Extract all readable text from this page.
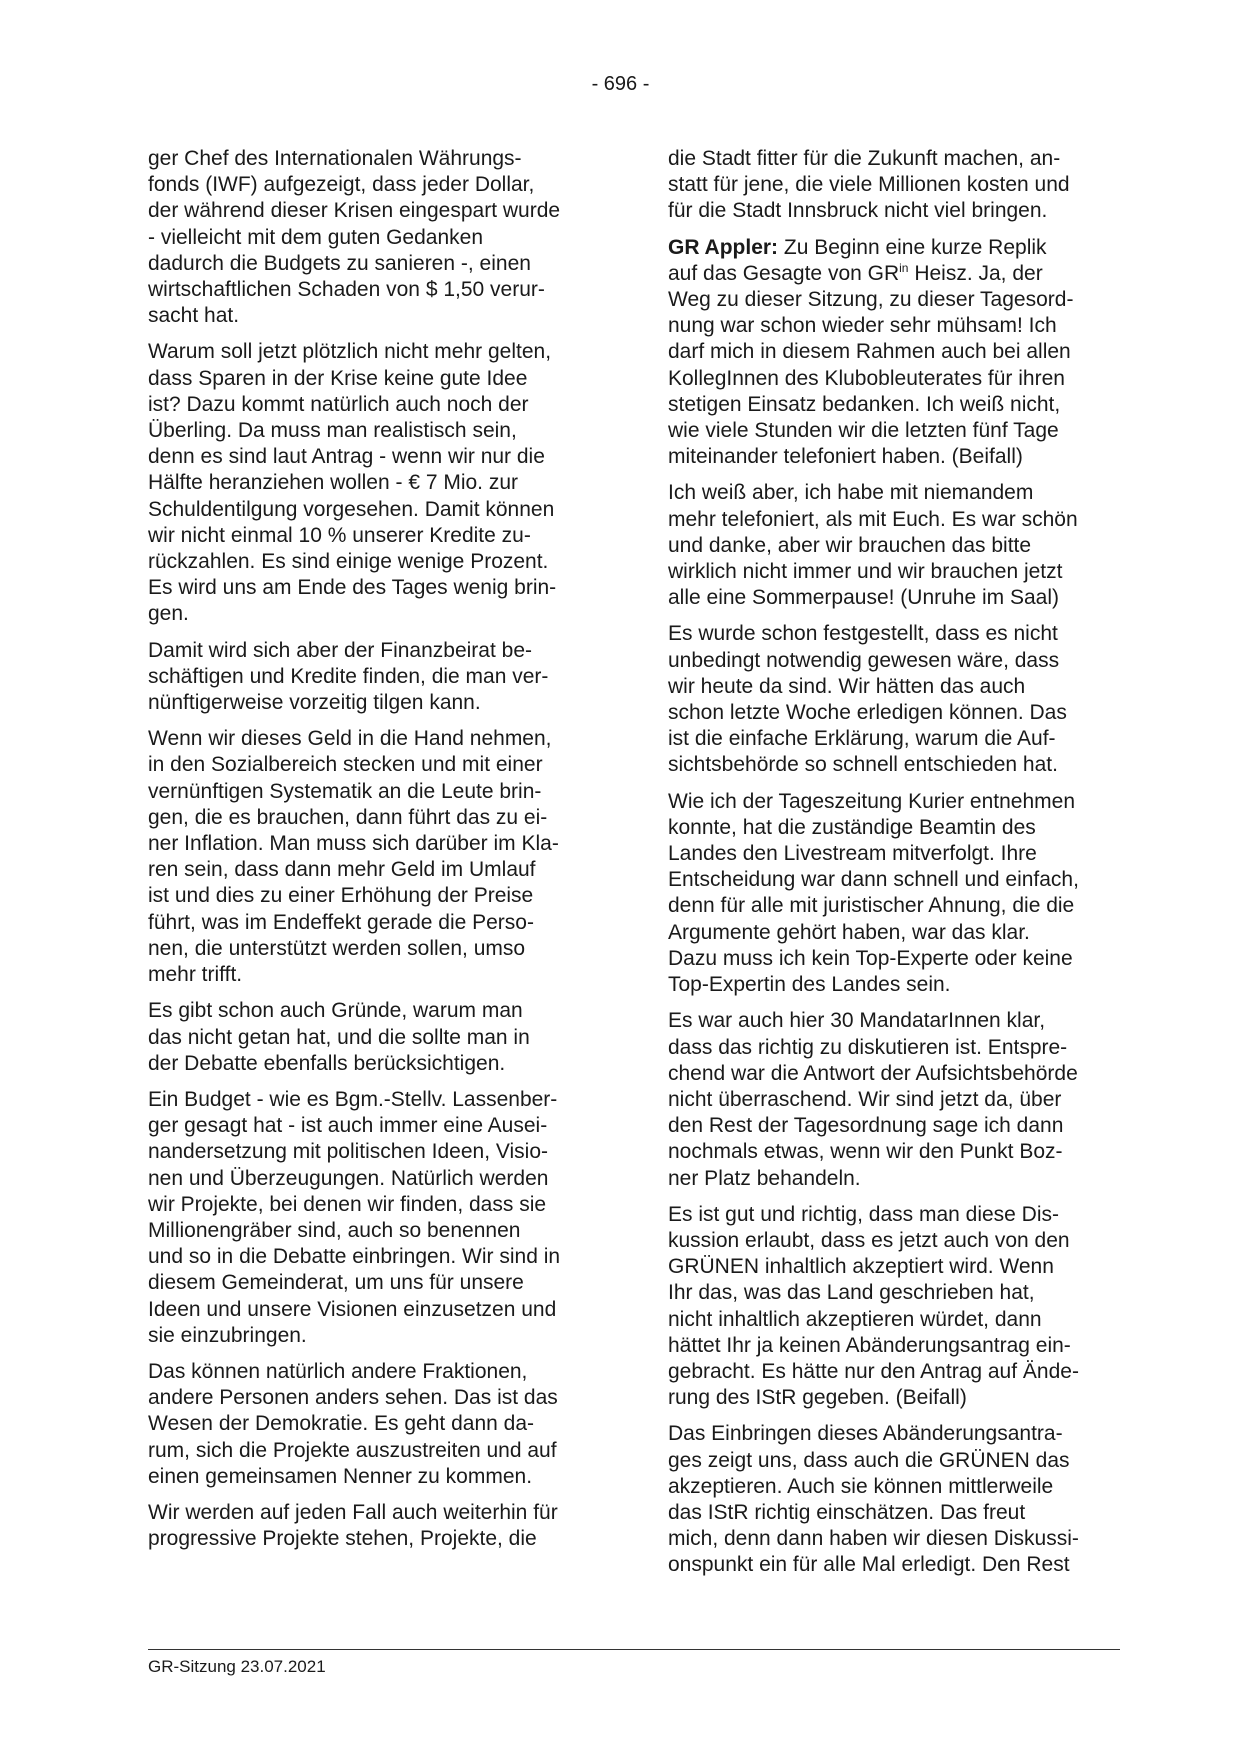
- 696 -

ger Chef des Internationalen Währungs-
fonds (IWF) aufgezeigt, dass jeder Dollar,
der während dieser Krisen eingespart wurde
- vielleicht mit dem guten Gedanken
dadurch die Budgets zu sanieren -, einen
wirtschaftlichen Schaden von $ 1,50 verur-
sacht hat.

Warum soll jetzt plötzlich nicht mehr gelten,
dass Sparen in der Krise keine gute Idee
ist? Dazu kommt natürlich auch noch der
Überling. Da muss man realistisch sein,
denn es sind laut Antrag - wenn wir nur die
Hälfte heranziehen wollen - € 7 Mio. zur
Schuldentilgung vorgesehen. Damit können
wir nicht einmal 10 % unserer Kredite zu-
rückzahlen. Es sind einige wenige Prozent.
Es wird uns am Ende des Tages wenig brin-
gen.

Damit wird sich aber der Finanzbeirat be-
schäftigen und Kredite finden, die man ver-
nünftigerweise vorzeitig tilgen kann.

Wenn wir dieses Geld in die Hand nehmen,
in den Sozialbereich stecken und mit einer
vernünftigen Systematik an die Leute brin-
gen, die es brauchen, dann führt das zu ei-
ner Inflation. Man muss sich darüber im Kla-
ren sein, dass dann mehr Geld im Umlauf
ist und dies zu einer Erhöhung der Preise
führt, was im Endeffekt gerade die Perso-
nen, die unterstützt werden sollen, umso
mehr trifft.

Es gibt schon auch Gründe, warum man
das nicht getan hat, und die sollte man in
der Debatte ebenfalls berücksichtigen.

Ein Budget - wie es Bgm.-Stellv. Lassenber-
ger gesagt hat - ist auch immer eine Ausei-
nandersetzung mit politischen Ideen, Visio-
nen und Überzeugungen. Natürlich werden
wir Projekte, bei denen wir finden, dass sie
Millionengräber sind, auch so benennen
und so in die Debatte einbringen. Wir sind in
diesem Gemeinderat, um uns für unsere
Ideen und unsere Visionen einzusetzen und
sie einzubringen.

Das können natürlich andere Fraktionen,
andere Personen anders sehen. Das ist das
Wesen der Demokratie. Es geht dann da-
rum, sich die Projekte auszustreiten und auf
einen gemeinsamen Nenner zu kommen.

Wir werden auf jeden Fall auch weiterhin für
progressive Projekte stehen, Projekte, die

die Stadt fitter für die Zukunft machen, an-
statt für jene, die viele Millionen kosten und
für die Stadt Innsbruck nicht viel bringen.

GR Appler: Zu Beginn eine kurze Replik
auf das Gesagte von $GR^{in}$ Heisz. Ja, der
Weg zu dieser Sitzung, zu dieser Tagesord-
nung war schon wieder sehr mühsam! Ich
darf mich in diesem Rahmen auch bei allen
KollegInnen des Klubobleuterates für ihren
stetigen Einsatz bedanken. Ich weiß nicht,
wie viele Stunden wir die letzten fünf Tage
miteinander telefoniert haben. (Beifall)

Ich weiß aber, ich habe mit niemandem
mehr telefoniert, als mit Euch. Es war schön
und danke, aber wir brauchen das bitte
wirklich nicht immer und wir brauchen jetzt
alle eine Sommerpause! (Unruhe im Saal)

Es wurde schon festgestellt, dass es nicht
unbedingt notwendig gewesen wäre, dass
wir heute da sind. Wir hätten das auch
schon letzte Woche erledigen können. Das
ist die einfache Erklärung, warum die Auf-
sichtsbehörde so schnell entschieden hat.

Wie ich der Tageszeitung Kurier entnehmen
konnte, hat die zuständige Beamtin des
Landes den Livestream mitverfolgt. Ihre
Entscheidung war dann schnell und einfach,
denn für alle mit juristischer Ahnung, die die
Argumente gehört haben, war das klar.
Dazu muss ich kein Top-Experte oder keine
Top-Expertin des Landes sein.

Es war auch hier 30 MandatarInnen klar,
dass das richtig zu diskutieren ist. Entspre-
chend war die Antwort der Aufsichtsbehörde
nicht überraschend. Wir sind jetzt da, über
den Rest der Tagesordnung sage ich dann
nochmals etwas, wenn wir den Punkt Boz-
ner Platz behandeln.

Es ist gut und richtig, dass man diese Dis-
kussion erlaubt, dass es jetzt auch von den
GRÜNEN inhaltlich akzeptiert wird. Wenn
Ihr das, was das Land geschrieben hat,
nicht inhaltlich akzeptieren würdet, dann
hättet Ihr ja keinen Abänderungsantrag ein-
gebracht. Es hätte nur den Antrag auf Ände-
rung des IStR gegeben. (Beifall)

Das Einbringen dieses Abänderungsantra-
ges zeigt uns, dass auch die GRÜNEN das
akzeptieren. Auch sie können mittlerweile
das IStR richtig einschätzen. Das freut
mich, denn dann haben wir diesen Diskussi-
onspunkt ein für alle Mal erledigt. Den Rest

GR-Sitzung 23.07.2021
